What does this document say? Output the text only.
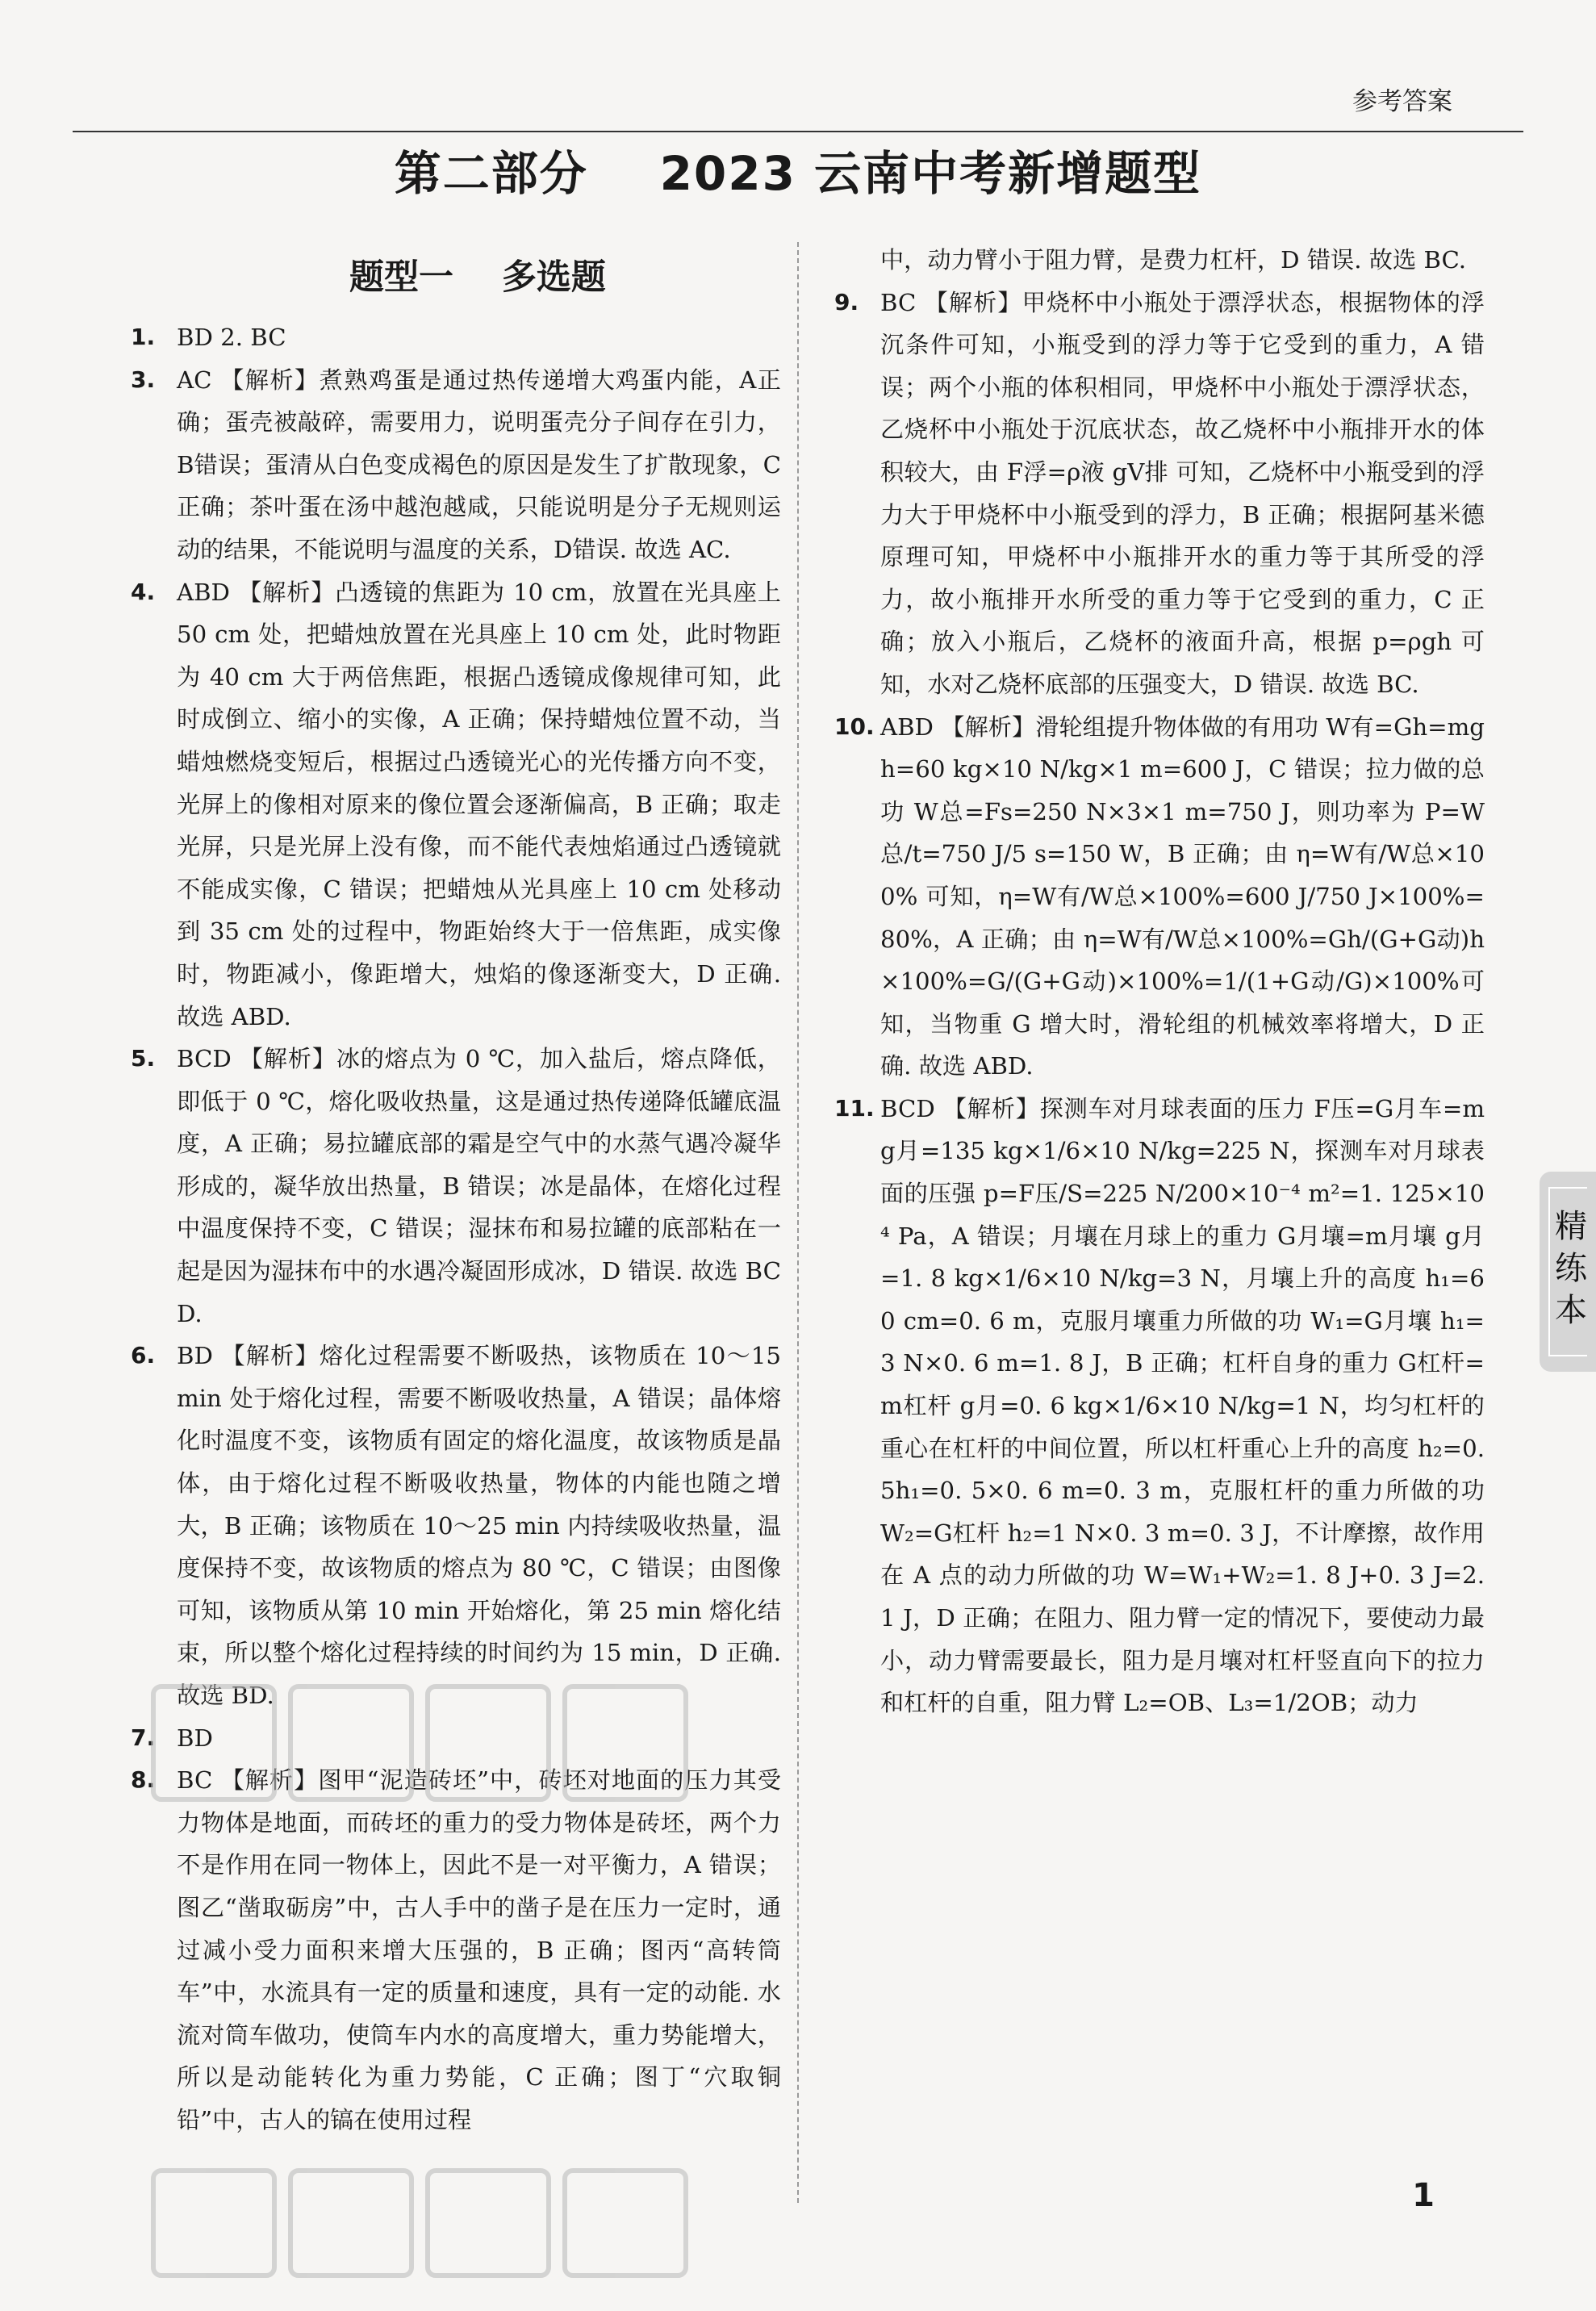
参考答案
第二部分    2023 云南中考新增题型
题型一    多选题
1. BD 2. BC
3. AC 【解析】煮熟鸡蛋是通过热传递增大鸡蛋内能，A正确；蛋壳被敲碎，需要用力，说明蛋壳分子间存在引力，B错误；蛋清从白色变成褐色的原因是发生了扩散现象，C正确；茶叶蛋在汤中越泡越咸，只能说明是分子无规则运动的结果，不能说明与温度的关系，D错误. 故选 AC.
4. ABD 【解析】凸透镜的焦距为 10 cm，放置在光具座上 50 cm 处，把蜡烛放置在光具座上 10 cm 处，此时物距为 40 cm 大于两倍焦距，根据凸透镜成像规律可知，此时成倒立、缩小的实像，A 正确；保持蜡烛位置不动，当蜡烛燃烧变短后，根据过凸透镜光心的光传播方向不变，光屏上的像相对原来的像位置会逐渐偏高，B 正确；取走光屏，只是光屏上没有像，而不能代表烛焰通过凸透镜就不能成实像，C 错误；把蜡烛从光具座上 10 cm 处移动到 35 cm 处的过程中，物距始终大于一倍焦距，成实像时，物距减小，像距增大，烛焰的像逐渐变大，D 正确. 故选 ABD.
5. BCD 【解析】冰的熔点为 0 ℃，加入盐后，熔点降低，即低于 0 ℃，熔化吸收热量，这是通过热传递降低罐底温度，A 正确；易拉罐底部的霜是空气中的水蒸气遇冷凝华形成的，凝华放出热量，B 错误；冰是晶体，在熔化过程中温度保持不变，C 错误；湿抹布和易拉罐的底部粘在一起是因为湿抹布中的水遇冷凝固形成冰，D 错误. 故选 BCD.
6. BD 【解析】熔化过程需要不断吸热，该物质在 10～15 min 处于熔化过程，需要不断吸收热量，A 错误；晶体熔化时温度不变，该物质有固定的熔化温度，故该物质是晶体，由于熔化过程不断吸收热量，物体的内能也随之增大，B 正确；该物质在 10～25 min 内持续吸收热量，温度保持不变，故该物质的熔点为 80 ℃，C 错误；由图像可知，该物质从第 10 min 开始熔化，第 25 min 熔化结束，所以整个熔化过程持续的时间约为 15 min，D 正确. 故选 BD.
7. BD
8. BC 【解析】图甲“泥造砖坯”中，砖坯对地面的压力其受力物体是地面，而砖坯的重力的受力物体是砖坯，两个力不是作用在同一物体上，因此不是一对平衡力，A 错误；图乙“凿取砺房”中，古人手中的凿子是在压力一定时，通过减小受力面积来增大压强的，B 正确；图丙“高转筒车”中，水流具有一定的质量和速度，具有一定的动能. 水流对筒车做功，使筒车内水的高度增大，重力势能增大，所以是动能转化为重力势能，C 正确；图丁“穴取铜铅”中，古人的镐在使用过程
中，动力臂小于阻力臂，是费力杠杆，D 错误. 故选 BC.
9. BC 【解析】甲烧杯中小瓶处于漂浮状态，根据物体的浮沉条件可知，小瓶受到的浮力等于它受到的重力，A 错误；两个小瓶的体积相同，甲烧杯中小瓶处于漂浮状态，乙烧杯中小瓶处于沉底状态，故乙烧杯中小瓶排开水的体积较大，由 F浮=ρ液 gV排 可知，乙烧杯中小瓶受到的浮力大于甲烧杯中小瓶受到的浮力，B 正确；根据阿基米德原理可知，甲烧杯中小瓶排开水的重力等于其所受的浮力，故小瓶排开水所受的重力等于它受到的重力，C 正确；放入小瓶后，乙烧杯的液面升高，根据 p=ρgh 可知，水对乙烧杯底部的压强变大，D 错误. 故选 BC.
10. ABD 【解析】滑轮组提升物体做的有用功 W有=Gh=mgh=60 kg×10 N/kg×1 m=600 J，C 错误；拉力做的总功 W总=Fs=250 N×3×1 m=750 J，则功率为 P=W总/t=750 J/5 s=150 W，B 正确；由 η=W有/W总×100% 可知，η=W有/W总×100%=600 J/750 J×100%=80%，A 正确；由 η=W有/W总×100%=Gh/(G+G动)h×100%=G/(G+G动)×100%=1/(1+G动/G)×100%可知，当物重 G 增大时，滑轮组的机械效率将增大，D 正确. 故选 ABD.
11. BCD 【解析】探测车对月球表面的压力 F压=G月车=mg月=135 kg×1/6×10 N/kg=225 N，探测车对月球表面的压强 p=F压/S=225 N/200×10⁻⁴ m²=1. 125×10⁴ Pa，A 错误；月壤在月球上的重力 G月壤=m月壤 g月=1. 8 kg×1/6×10 N/kg=3 N，月壤上升的高度 h₁=60 cm=0. 6 m，克服月壤重力所做的功 W₁=G月壤 h₁=3 N×0. 6 m=1. 8 J，B 正确；杠杆自身的重力 G杠杆=m杠杆 g月=0. 6 kg×1/6×10 N/kg=1 N，均匀杠杆的重心在杠杆的中间位置，所以杠杆重心上升的高度 h₂=0. 5h₁=0. 5×0. 6 m=0. 3 m，克服杠杆的重力所做的功 W₂=G杠杆 h₂=1 N×0. 3 m=0. 3 J，不计摩擦，故作用在 A 点的动力所做的功 W=W₁+W₂=1. 8 J+0. 3 J=2. 1 J，D 正确；在阻力、阻力臂一定的情况下，要使动力最小，动力臂需要最长，阻力是月壤对杠杆竖直向下的拉力和杠杆的自重，阻力臂 L₂=OB、L₃=1/2OB；动力
精练本
1
